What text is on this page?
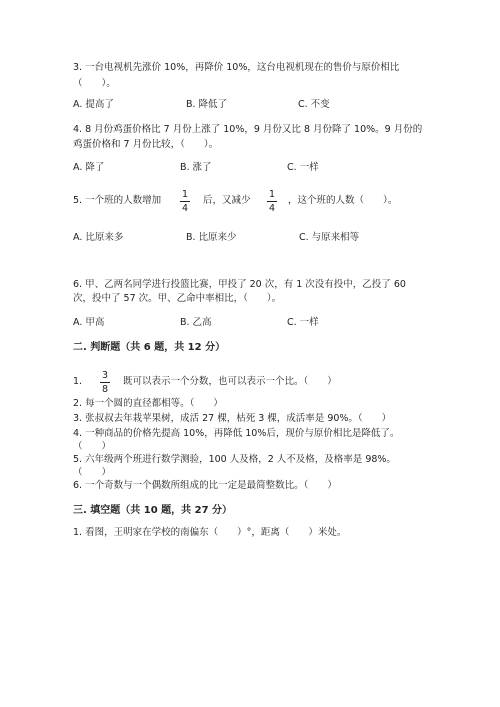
3. 一台电视机先涨价 10%，再降价 10%，这台电视机现在的售价与原价相比
（　　）。
A. 提高了	B. 降低了	C. 不变
4. 8 月份鸡蛋价格比 7 月份上涨了 10%，9 月份又比 8 月份降了 10%。9 月份的
鸡蛋价格和 7 月份比较，（　　）。
A. 降了	B. 涨了	C. 一样
5. 一个班的人数增加
1
4
后，又减少
1
4
，这个班的人数（　　）。
A. 比原来多	B. 比原来少	C. 与原来相等
6. 甲、乙两名同学进行投篮比赛，甲投了 20 次，有 1 次没有投中，乙投了 60
次，投中了 57 次。甲、乙命中率相比，（　　）。
A. 甲高	B. 乙高	C. 一样
二. 判断题（共 6 题，共 12 分）
1.
3
8
既可以表示一个分数，也可以表示一个比。（　　）
2. 每一个圆的直径都相等。（　　）
3. 张叔叔去年栽苹果树，成活 27 棵，枯死 3 棵，成活率是 90%。（　　）
4. 一种商品的价格先提高 10%，再降低 10%后，现价与原价相比是降低了。
（　　）
5. 六年级两个班进行数学测验，100 人及格，2 人不及格，及格率是 98%。
（　　）
6. 一个奇数与一个偶数所组成的比一定是最简整数比。（　　）
三. 填空题（共 10 题，共 27 分）
1. 看图，王明家在学校的南偏东（　　）°，距离（　　）米处。
